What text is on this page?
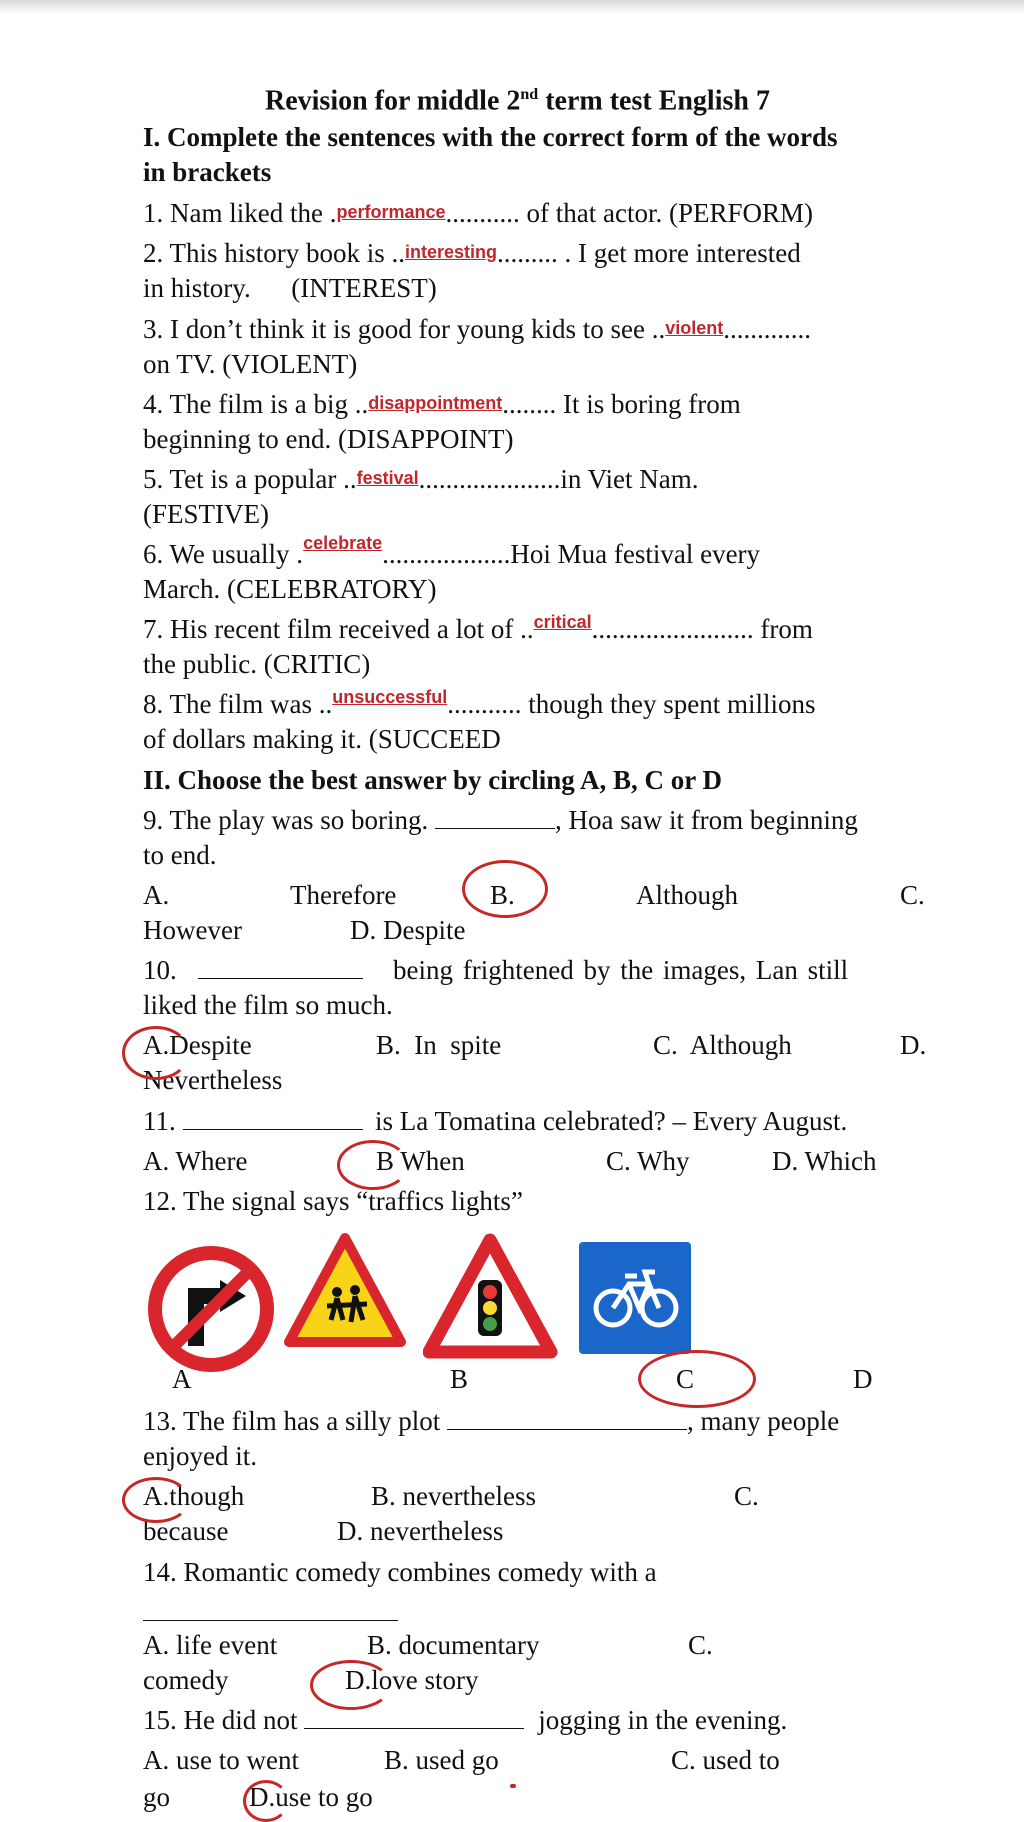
Revision for middle 2nd term test English 7
I. Complete the sentences with the correct form of the words
in brackets
1. Nam liked the .performance........... of that actor. (PERFORM)
2. This history book is ..interesting......... . I get more interested
in history.      (INTEREST)
3. I don’t think it is good for young kids to see ..violent.............
on TV. (VIOLENT)
4. The film is a big ..disappointment........ It is boring from
beginning to end. (DISAPPOINT)
5. Tet is a popular ..festival.....................in Viet Nam.
(FESTIVE)
6. We usually .$^{celebrate}$...................Hoi Mua festival every
March. (CELEBRATORY)
7. His recent film received a lot of ..$^{critical}$........................ from
the public. (CRITIC)
8. The film was ..$^{unsuccessful}$........... though they spent millions
of dollars making it. (SUCCEED
II. Choose the best answer by circling A, B, C or D
9. The play was so boring.	, Hoa saw it from beginning
to end.
A.	Therefore	B.	Although	C.
However	D. Despite
10.	being frightened by the images, Lan still
liked the film so much.
A.Despite	B.  In  spite	C.  Although	D.
Nevertheless
11.	is La Tomatina celebrated? – Every August.
A. Where	B When	C. Why	D. Which
12. The signal says “traffics lights”
A	B	C	D
13. The film has a silly plot	, many people
enjoyed it.
A.though	B. nevertheless	C.
because	D. nevertheless
14. Romantic comedy combines comedy with a
A. life event	B. documentary	C.
comedy	D.love story
15. He did not	jogging in the evening.
A. use to went	B. used go	C. used to
go	D.use to go
